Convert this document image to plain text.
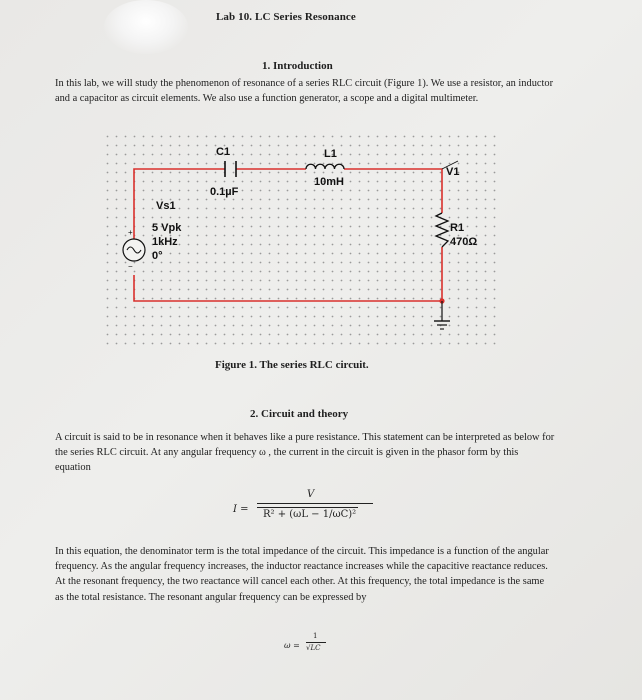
Lab 10. LC Series Resonance

1. Introduction

In this lab, we will study the phenomenon of resonance of a series RLC circuit (Figure 1). We use a resistor, an inductor and a capacitor as circuit elements. We also use a function generator, a scope and a digital multimeter.

+
−
C1
0.1µF
L1
10mH
V1
R1
470Ω
Vs1
5 Vpk
1kHz
0°

Figure 1. The series RLC circuit.

2. Circuit and theory

A circuit is said to be in resonance when it behaves like a pure resistance. This statement can be interpreted as below for the series RLC circuit. At any angular frequency ω , the current in the circuit is given in the phasor form by this equation

I =
V
R² + (ωL − 1/ωC)²

In this equation, the denominator term is the total impedance of the circuit. This impedance is a function of the angular frequency. As the angular frequency increases, the inductor reactance increases while the capacitive reactance reduces. At the resonant frequency, the two reactance will cancel each other. At this frequency, the total impedance is the same as the total resistance. The resonant angular frequency can be expressed by

ω =
1
√LC
